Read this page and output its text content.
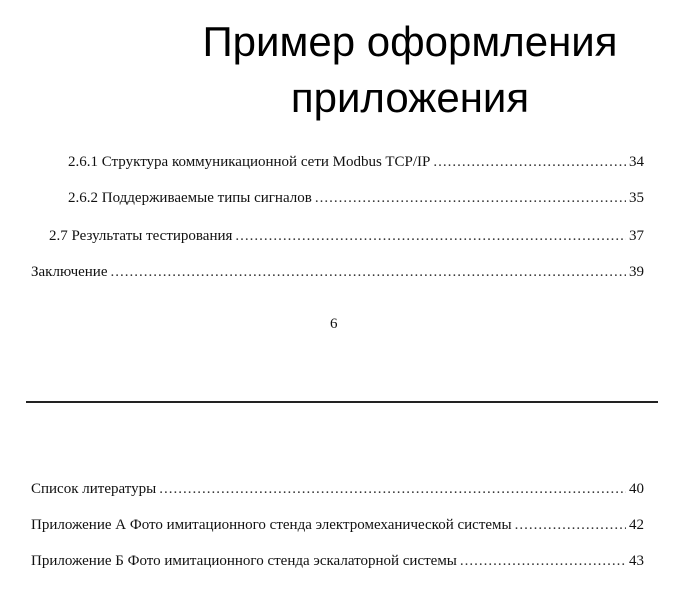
Пример оформления
приложения
2.6.1 Структура коммуникационной сети Modbus TCP/IP .....	34
2.6.2 Поддерживаемые типы сигналов .....	35
2.7 Результаты тестирования .....	37
Заключение .....	39
6
Список литературы .....	40
Приложение А Фото имитационного стенда электромеханической системы .....	42
Приложение Б Фото имитационного стенда эскалаторной системы .....	43
